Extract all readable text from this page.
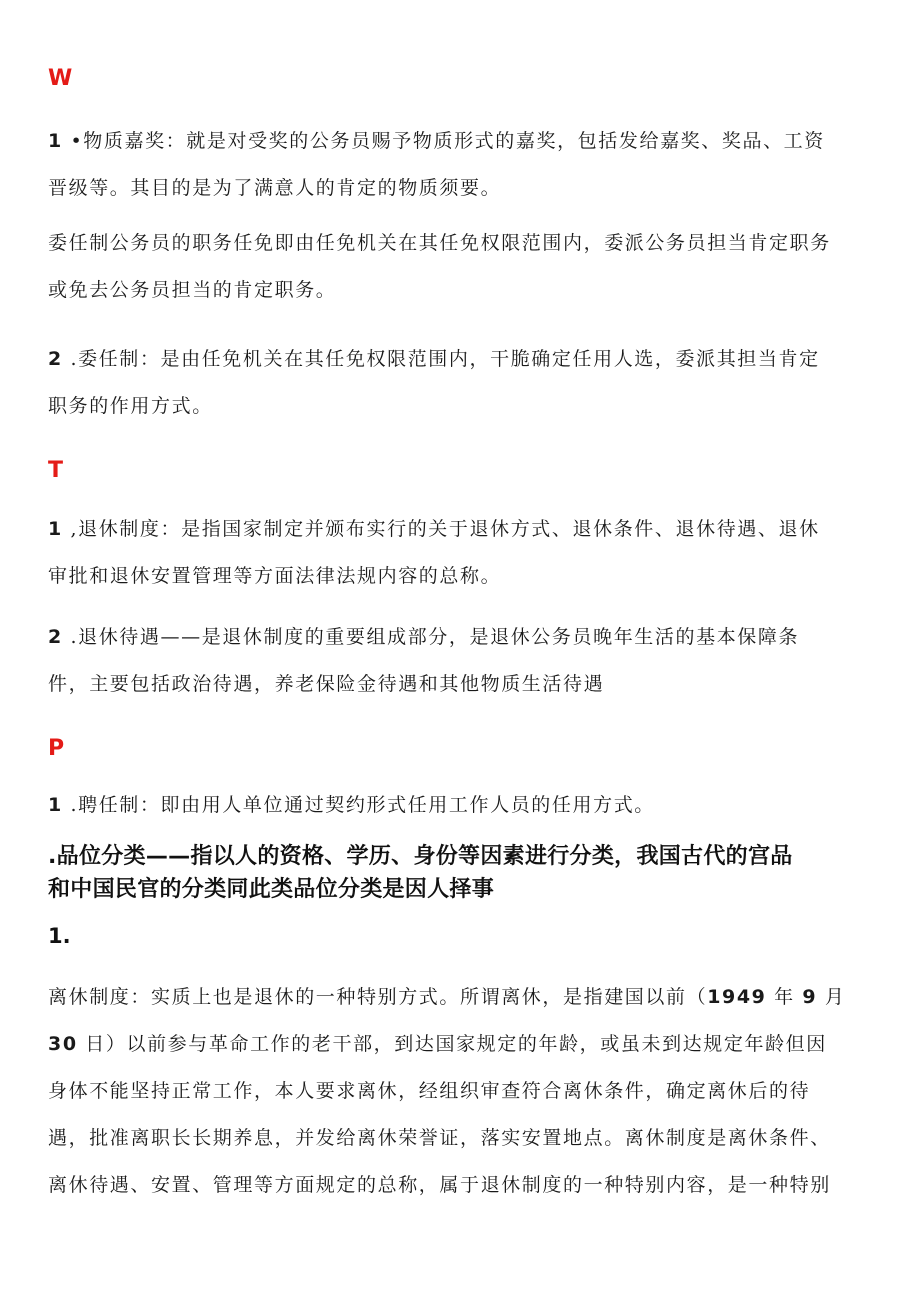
W
1 •物质嘉奖：就是对受奖的公务员赐予物质形式的嘉奖，包括发给嘉奖、奖品、工资
晋级等。其目的是为了满意人的肯定的物质须要。
委任制公务员的职务任免即由任免机关在其任免权限范围内，委派公务员担当肯定职务
或免去公务员担当的肯定职务。
2 .委任制：是由任免机关在其任免权限范围内，干脆确定任用人选，委派其担当肯定
职务的作用方式。
T
1 ,退休制度：是指国家制定并颁布实行的关于退休方式、退休条件、退休待遇、退休
审批和退休安置管理等方面法律法规内容的总称。
2 .退休待遇——是退休制度的重要组成部分，是退休公务员晚年生活的基本保障条
件，主要包括政治待遇，养老保险金待遇和其他物质生活待遇
P
1 .聘任制：即由用人单位通过契约形式任用工作人员的任用方式。
.品位分类——指以人的资格、学历、身份等因素进行分类，我国古代的宫品
和中国民官的分类同此类品位分类是因人择事
1.
离休制度：实质上也是退休的一种特别方式。所谓离休，是指建国以前（1949 年 9 月
30 日）以前参与革命工作的老干部，到达国家规定的年龄，或虽未到达规定年龄但因
身体不能坚持正常工作，本人要求离休，经组织审查符合离休条件，确定离休后的待
遇，批准离职长长期养息，并发给离休荣誉证，落实安置地点。离休制度是离休条件、
离休待遇、安置、管理等方面规定的总称，属于退休制度的一种特别内容，是一种特别
